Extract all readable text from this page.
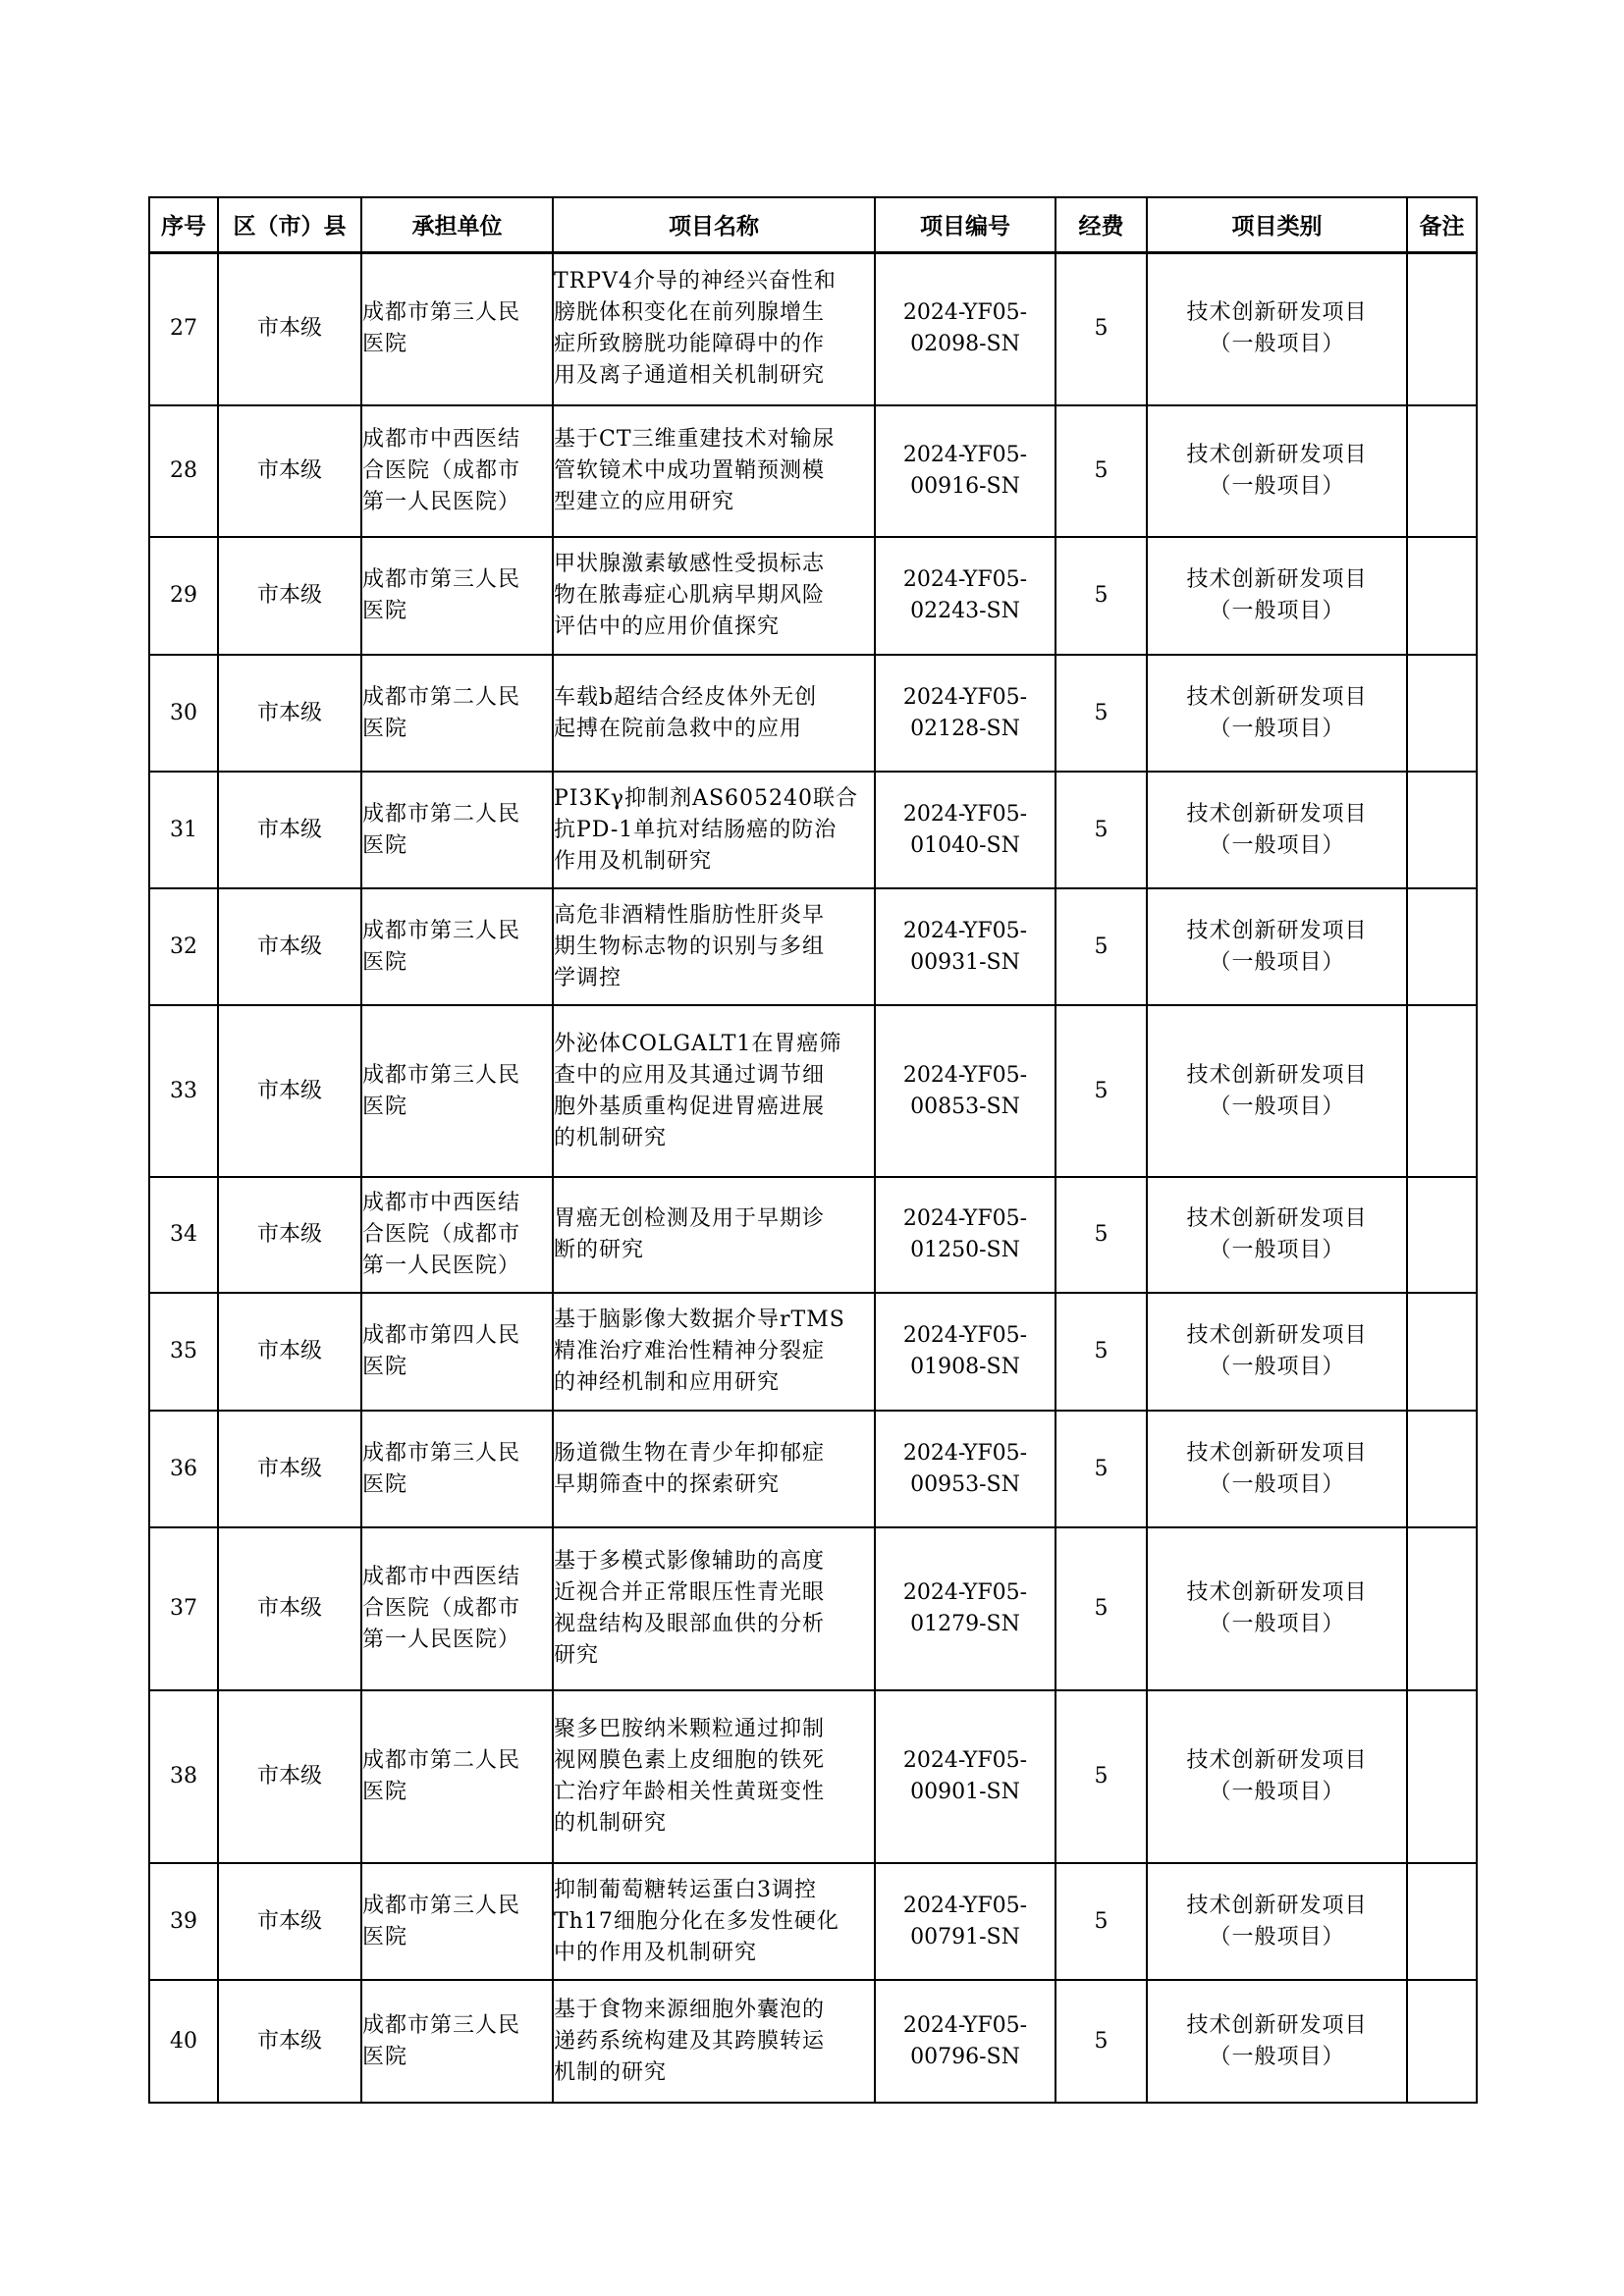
序号	区（市）县	承担单位	项目名称	项目编号	经费	项目类别	备注
27	市本级	成都市第三人民
医院	TRPV4介导的神经兴奋性和
膀胱体积变化在前列腺增生
症所致膀胱功能障碍中的作
用及离子通道相关机制研究	2024-YF05-
02098-SN	5	技术创新研发项目
（一般项目）	

28	市本级	成都市中西医结
合医院（成都市
第一人民医院）	基于CT三维重建技术对输尿
管软镜术中成功置鞘预测模
型建立的应用研究	2024-YF05-
00916-SN	5	技术创新研发项目
（一般项目）	

29	市本级	成都市第三人民
医院	甲状腺激素敏感性受损标志
物在脓毒症心肌病早期风险
评估中的应用价值探究	2024-YF05-
02243-SN	5	技术创新研发项目
（一般项目）	

30	市本级	成都市第二人民
医院	车载b超结合经皮体外无创
起搏在院前急救中的应用	2024-YF05-
02128-SN	5	技术创新研发项目
（一般项目）	

31	市本级	成都市第二人民
医院	PI3Kγ抑制剂AS605240联合
抗PD-1单抗对结肠癌的防治
作用及机制研究	2024-YF05-
01040-SN	5	技术创新研发项目
（一般项目）	

32	市本级	成都市第三人民
医院	高危非酒精性脂肪性肝炎早
期生物标志物的识别与多组
学调控	2024-YF05-
00931-SN	5	技术创新研发项目
（一般项目）	

33	市本级	成都市第三人民
医院	外泌体COLGALT1在胃癌筛
查中的应用及其通过调节细
胞外基质重构促进胃癌进展
的机制研究	2024-YF05-
00853-SN	5	技术创新研发项目
（一般项目）	

34	市本级	成都市中西医结
合医院（成都市
第一人民医院）	胃癌无创检测及用于早期诊
断的研究	2024-YF05-
01250-SN	5	技术创新研发项目
（一般项目）	

35	市本级	成都市第四人民
医院	基于脑影像大数据介导rTMS
精准治疗难治性精神分裂症
的神经机制和应用研究	2024-YF05-
01908-SN	5	技术创新研发项目
（一般项目）	

36	市本级	成都市第三人民
医院	肠道微生物在青少年抑郁症
早期筛查中的探索研究	2024-YF05-
00953-SN	5	技术创新研发项目
（一般项目）	

37	市本级	成都市中西医结
合医院（成都市
第一人民医院）	基于多模式影像辅助的高度
近视合并正常眼压性青光眼
视盘结构及眼部血供的分析
研究	2024-YF05-
01279-SN	5	技术创新研发项目
（一般项目）	

38	市本级	成都市第二人民
医院	聚多巴胺纳米颗粒通过抑制
视网膜色素上皮细胞的铁死
亡治疗年龄相关性黄斑变性
的机制研究	2024-YF05-
00901-SN	5	技术创新研发项目
（一般项目）	

39	市本级	成都市第三人民
医院	抑制葡萄糖转运蛋白3调控
Th17细胞分化在多发性硬化
中的作用及机制研究	2024-YF05-
00791-SN	5	技术创新研发项目
（一般项目）	

40	市本级	成都市第三人民
医院	基于食物来源细胞外囊泡的
递药系统构建及其跨膜转运
机制的研究	2024-YF05-
00796-SN	5	技术创新研发项目
（一般项目）	
